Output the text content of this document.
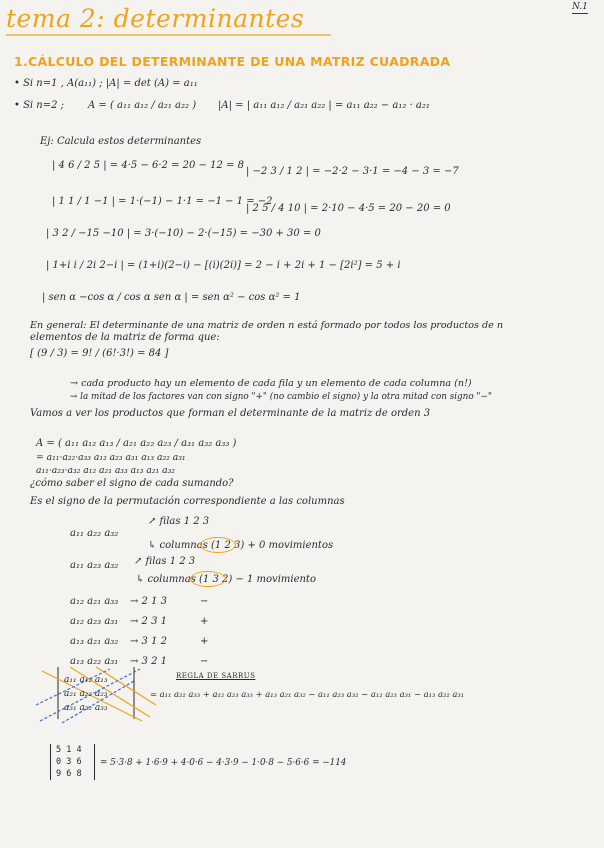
N.1
tema 2: determinantes
1.CÁLCULO DEL DETERMINANTE DE UNA MATRIZ CUADRADA
• Si n=1 , A(a₁₁) ; |A| = det (A) = a₁₁
• Si n=2 ; A = ( a₁₁ a₁₂ / a₂₁ a₂₂ ) |A| = | a₁₁ a₁₂ / a₂₁ a₂₂ | = a₁₁ a₂₂ − a₁₂ · a₂₁
Ej: Calcula estos determinantes
| 4 6 / 2 5 | = 4·5 − 6·2 = 20 − 12 = 8
| −2 3 / 1 2 | = −2·2 − 3·1 = −4 − 3 = −7
| 1 1 / 1 −1 | = 1·(−1) − 1·1 = −1 − 1 = −2
| 2 5 / 4 10 | = 2·10 − 4·5 = 20 − 20 = 0
| 3 2 / −15 −10 | = 3·(−10) − 2·(−15) = −30 + 30 = 0
| 1+i i / 2i 2−i | = (1+i)(2−i) − [(i)(2i)] = 2 − i + 2i + 1 − [2i²] = 5 + i
| sen α −cos α / cos α sen α | = sen α² − cos α² = 1
En general: El determinante de una matriz de orden n está formado por todos los productos de n
elementos de la matriz de forma que:
[ (9 / 3) = 9! / (6!·3!) = 84 ]
→ cada producto hay un elemento de cada fila y un elemento de cada columna (n!)
→ la mitad de los factores van con signo "+" (no cambio el signo) y la otra mitad con signo "−"
Vamos a ver los productos que forman el determinante de la matriz de orden 3
A = ( a₁₁ a₁₂ a₁₃ / a₂₁ a₂₂ a₂₃ / a₃₁ a₃₂ a₃₃ )
= a₁₁·a₂₂·a₃₃ a₁₂ a₂₃ a₃₁ a₁₃ a₂₂ a₃₁
a₁₁·a₂₃·a₃₂ a₁₂ a₂₁ a₃₃ a₁₃ a₂₁ a₃₂
¿cómo saber el signo de cada sumando?
Es el signo de la permutación correspondiente a las columnas
a₁₁ a₂₂ a₃₂
↗ filas 1 2 3
↳ columnas (1 2 3) + 0 movimientos
a₁₁ a₂₃ a₃₂ ↗ filas 1 2 3
↳ columnas (1 3 2) − 1 movimiento
a₁₂ a₂₁ a₃₃ → 2 1 3	−
a₁₂ a₂₃ a₃₁ → 2 3 1	+
a₁₃ a₂₁ a₃₂ → 3 1 2	+
a₁₃ a₂₂ a₃₁ → 3 2 1	−
REGLA DE SARRUS
a₁₁ a₁₂ a₁₃
a₂₁ a₂₂ a₂₃
a₃₁ a₃₂ a₃₃
= a₁₁ a₂₂ a₃₃ + a₁₂ a₂₃ a₃₃ + a₁₃ a₂₁ a₃₂ − a₁₁ a₂₃ a₃₂ − a₁₂ a₂₃ a₃₁ − a₁₃ a₂₂ a₃₁
5 1 4
0 3 6
9 6 8
= 5·3·8 + 1·6·9 + 4·0·6 − 4·3·9 − 1·0·8 − 5·6·6 = −114
